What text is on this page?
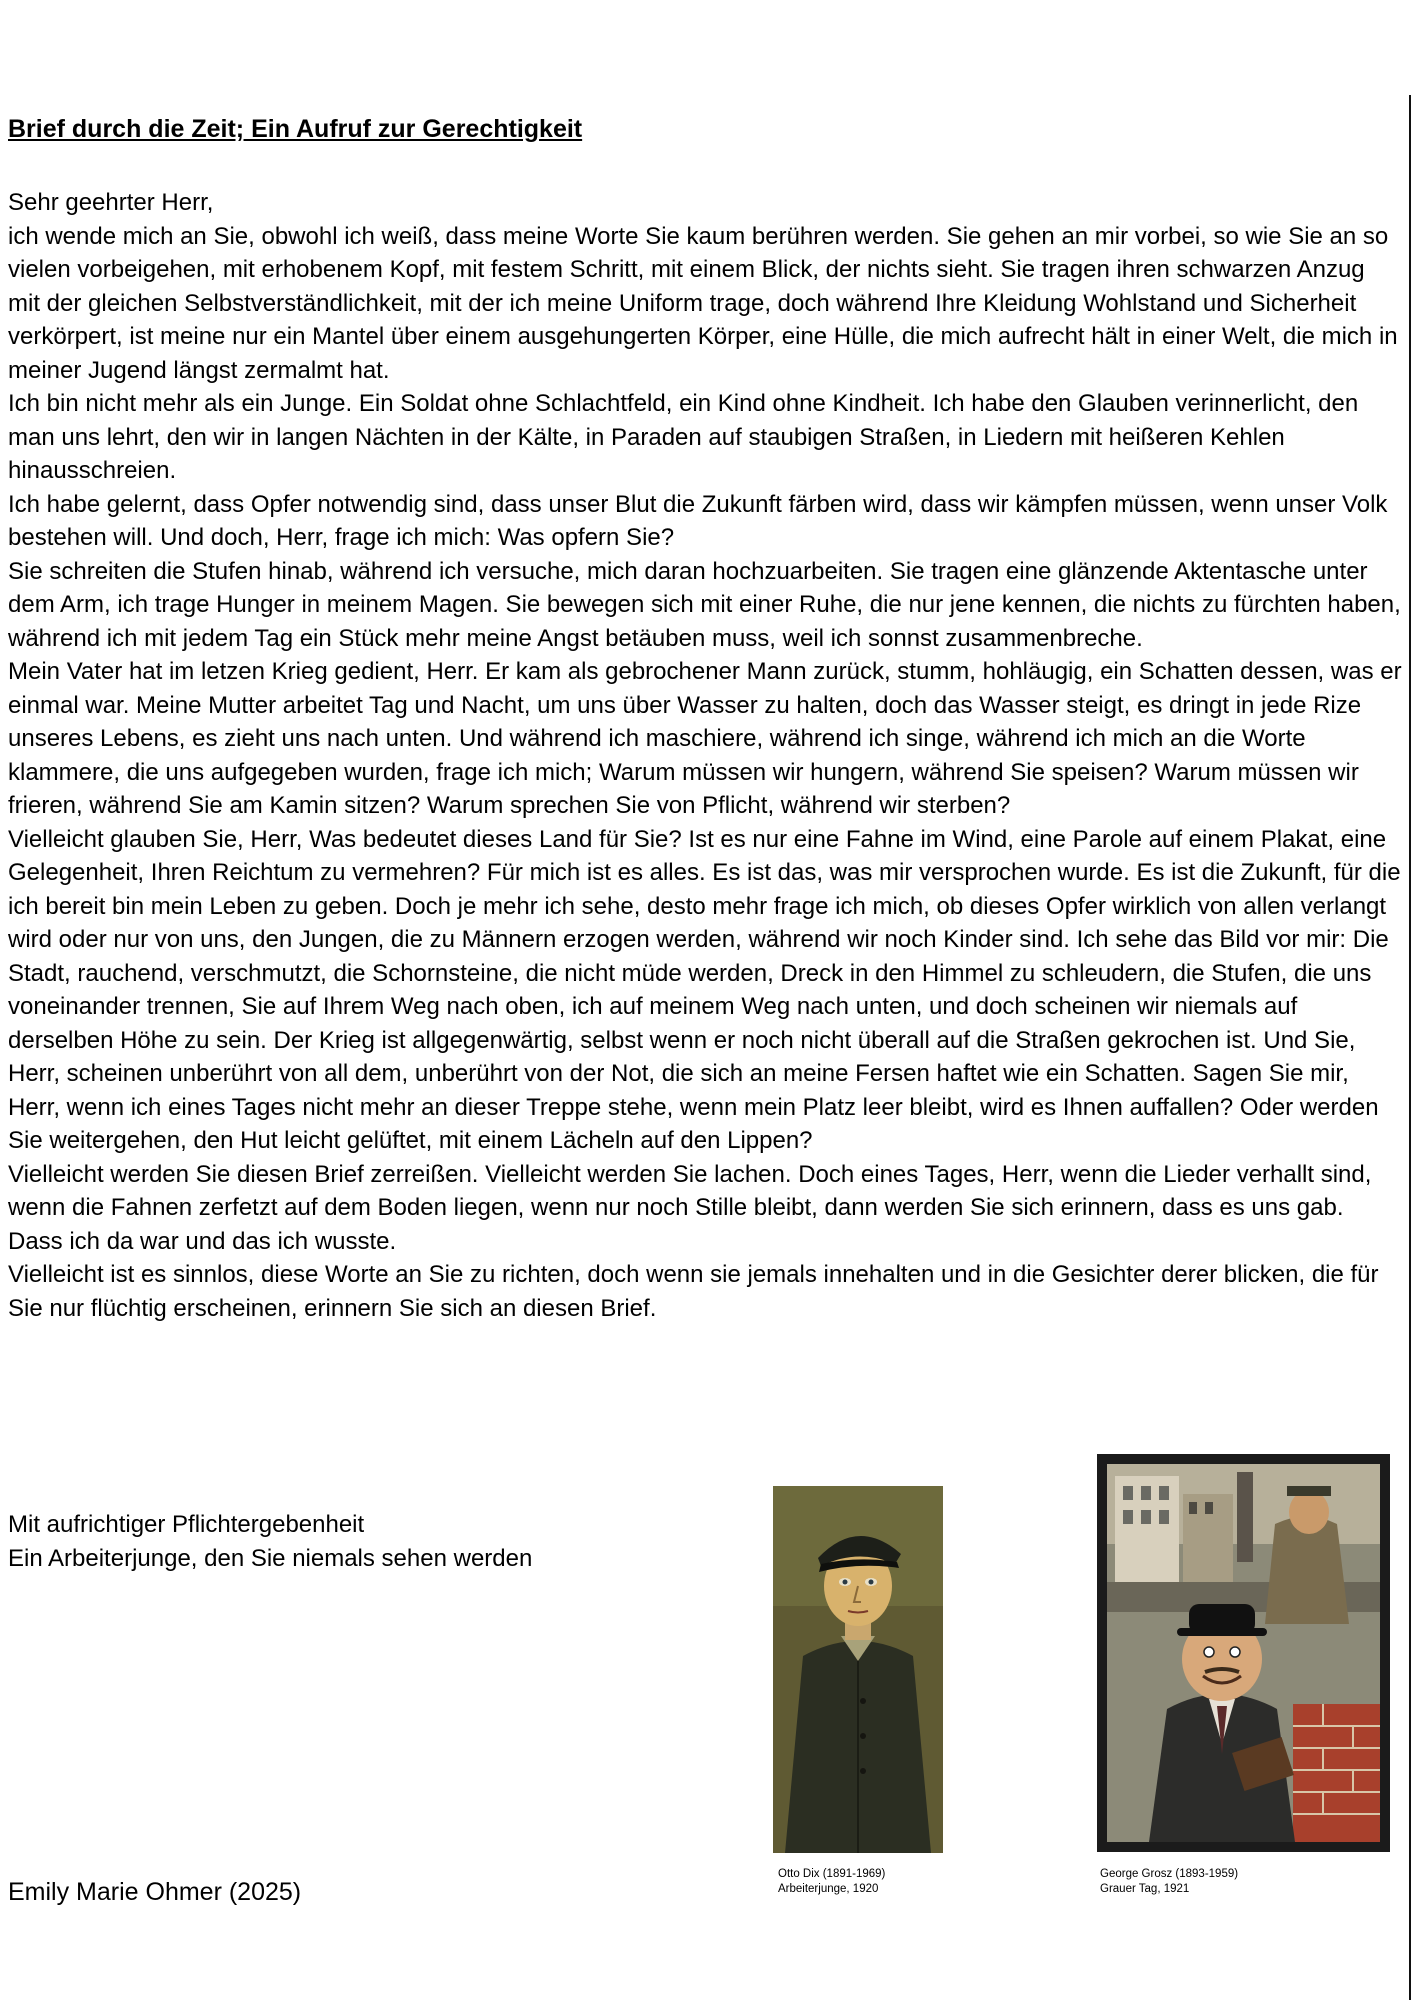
Brief durch die Zeit; Ein Aufruf zur Gerechtigkeit

Sehr geehrter Herr,

ich wende mich an Sie, obwohl ich weiß, dass meine Worte Sie kaum berühren werden. Sie gehen an mir vorbei, so wie Sie an so vielen vorbeigehen, mit erhobenem Kopf, mit festem Schritt, mit einem Blick, der nichts sieht. Sie tragen ihren schwarzen Anzug mit der gleichen Selbstverständlichkeit, mit der ich meine Uniform trage, doch während Ihre Kleidung Wohlstand und Sicherheit verkörpert, ist meine nur ein Mantel über einem ausgehungerten Körper, eine Hülle, die mich aufrecht hält in einer Welt, die mich in meiner Jugend längst zermalmt hat.

Ich bin nicht mehr als ein Junge. Ein Soldat ohne Schlachtfeld, ein Kind ohne Kindheit. Ich habe den Glauben verinnerlicht, den man uns lehrt, den wir in langen Nächten in der Kälte, in Paraden auf staubigen Straßen, in Liedern mit heißeren Kehlen hinausschreien.

Ich habe gelernt, dass Opfer notwendig sind, dass unser Blut die Zukunft färben wird, dass wir kämpfen müssen, wenn unser Volk bestehen will. Und doch, Herr, frage ich mich: Was opfern Sie?

Sie schreiten die Stufen hinab, während ich versuche, mich daran hochzuarbeiten. Sie tragen eine glänzende Aktentasche unter dem Arm, ich trage Hunger in meinem Magen. Sie bewegen sich mit einer Ruhe, die nur jene kennen, die nichts zu fürchten haben, während ich mit jedem Tag ein Stück mehr meine Angst betäuben muss, weil ich sonnst zusammenbreche.

Mein Vater hat im letzen Krieg gedient, Herr. Er kam als gebrochener Mann zurück, stumm, hohläugig, ein Schatten dessen, was er einmal war. Meine Mutter arbeitet Tag und Nacht, um uns über Wasser zu halten, doch das Wasser steigt, es dringt in jede Rize unseres Lebens, es zieht uns nach unten. Und während ich maschiere, während ich singe, während ich mich an die Worte klammere, die uns aufgegeben wurden, frage ich mich; Warum müssen wir hungern, während Sie speisen? Warum müssen wir frieren, während Sie am Kamin sitzen? Warum sprechen Sie von Pflicht, während wir sterben?

Vielleicht glauben Sie, Herr, Was bedeutet dieses Land für Sie? Ist es nur eine Fahne im Wind, eine Parole auf einem Plakat, eine Gelegenheit, Ihren Reichtum zu vermehren? Für mich ist es alles. Es ist das, was mir versprochen wurde. Es ist die Zukunft, für die ich bereit bin mein Leben zu geben. Doch je mehr ich sehe, desto mehr frage ich mich, ob dieses Opfer wirklich von allen verlangt wird oder nur von uns, den Jungen, die zu Männern erzogen werden, während wir noch Kinder sind. Ich sehe das Bild vor mir: Die Stadt, rauchend, verschmutzt, die Schornsteine, die nicht müde werden, Dreck in den Himmel zu schleudern, die Stufen, die uns voneinander trennen, Sie auf Ihrem Weg nach oben, ich auf meinem Weg nach unten, und doch scheinen wir niemals auf derselben Höhe zu sein. Der Krieg ist allgegenwärtig, selbst wenn er noch nicht überall auf die Straßen gekrochen ist. Und Sie, Herr, scheinen unberührt von all dem, unberührt von der Not, die sich an meine Fersen haftet wie ein Schatten. Sagen Sie mir, Herr, wenn ich eines Tages nicht mehr an dieser Treppe stehe, wenn mein Platz leer bleibt, wird es Ihnen auffallen? Oder werden Sie weitergehen, den Hut leicht gelüftet, mit einem Lächeln auf den Lippen?

Vielleicht werden Sie diesen Brief zerreißen. Vielleicht werden Sie lachen. Doch eines Tages, Herr, wenn die Lieder verhallt sind, wenn die Fahnen zerfetzt auf dem Boden liegen, wenn nur noch Stille bleibt, dann werden Sie sich erinnern, dass es uns gab. Dass ich da war und das ich wusste.

Vielleicht ist es sinnlos, diese Worte an Sie zu richten, doch wenn sie jemals innehalten und in die Gesichter derer blicken, die für Sie nur flüchtig erscheinen, erinnern Sie sich an diesen Brief.

Mit aufrichtiger Pflichtergebenheit

Ein Arbeiterjunge, den Sie niemals sehen werden

Otto Dix (1891-1969)

Arbeiterjunge, 1920

George Grosz (1893-1959)

Grauer Tag, 1921

Emily Marie Ohmer (2025)
